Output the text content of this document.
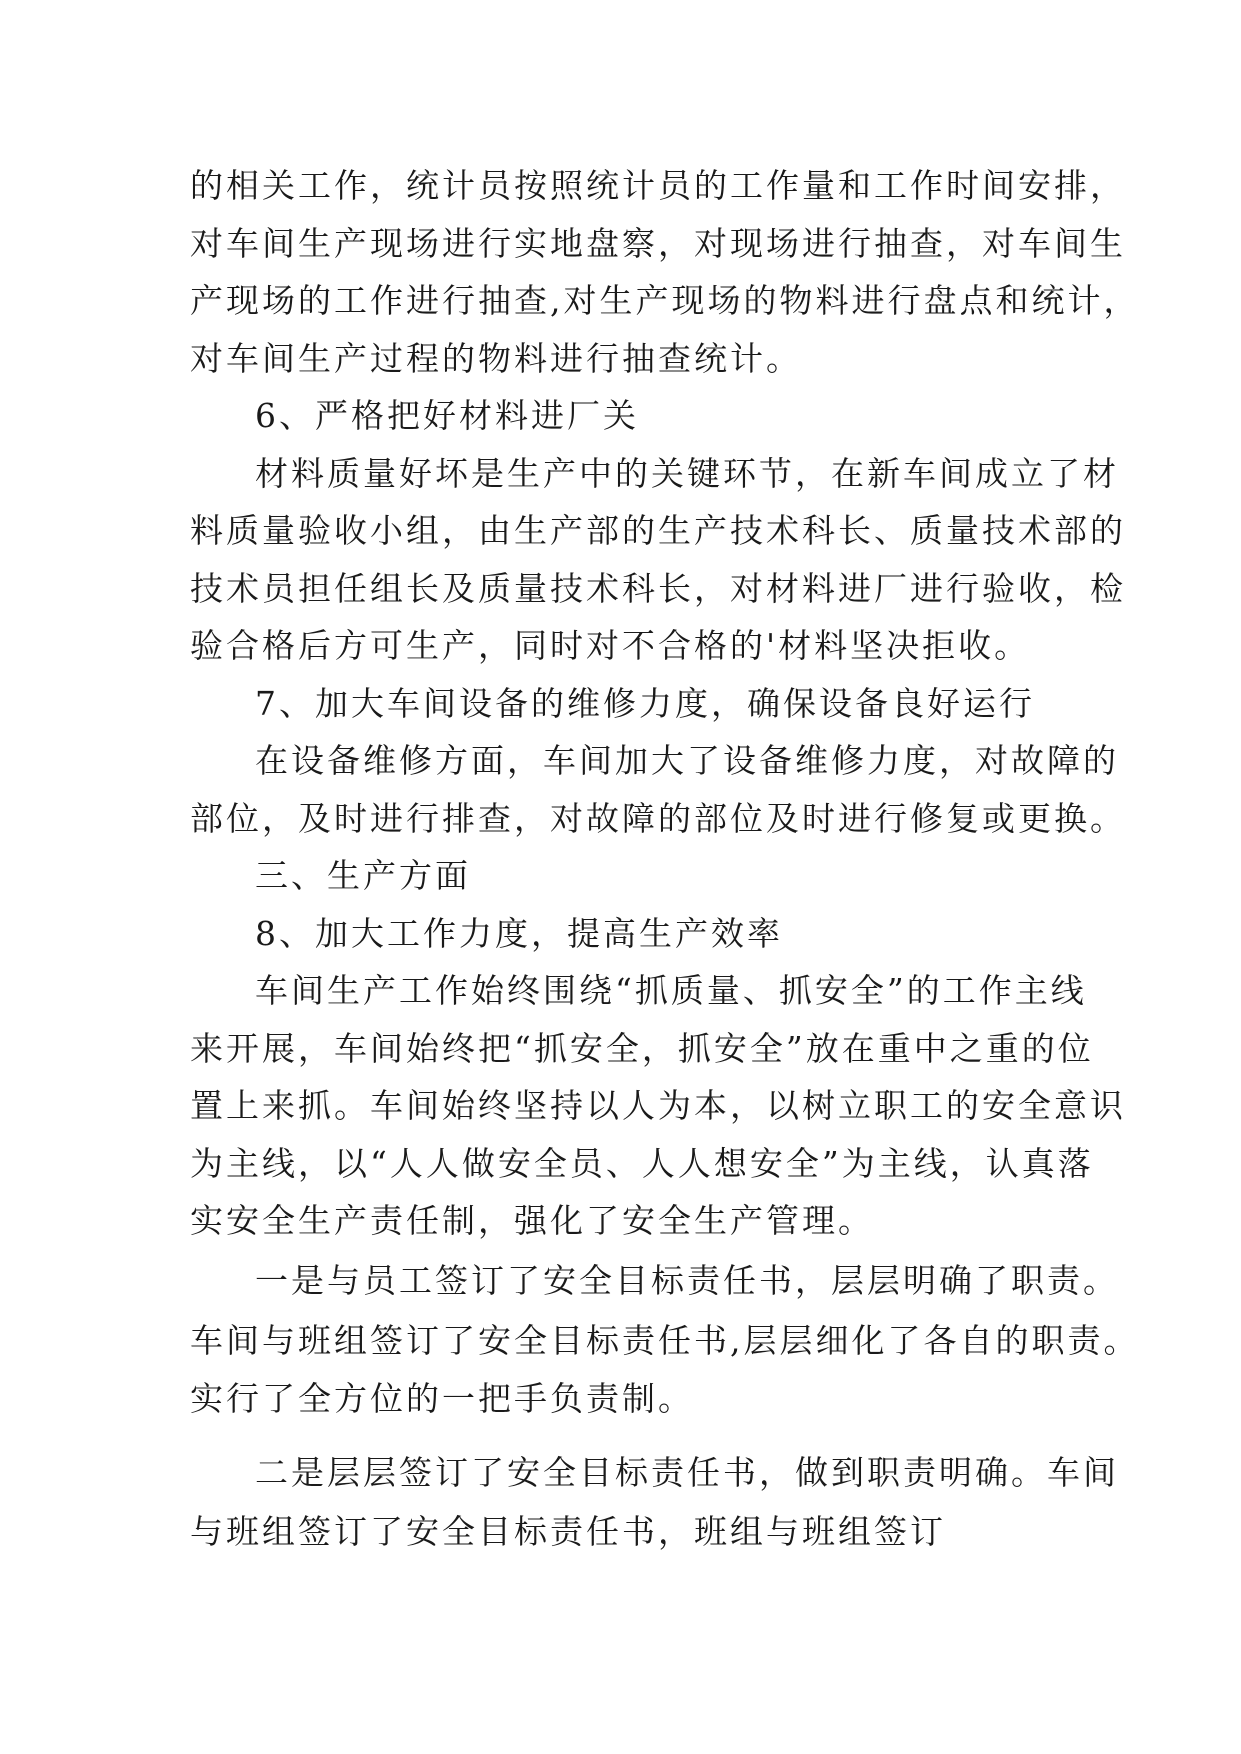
的相关工作，统计员按照统计员的工作量和工作时间安排，
对车间生产现场进行实地盘察，对现场进行抽查，对车间生
产现场的工作进行抽查,对生产现场的物料进行盘点和统计，
对车间生产过程的物料进行抽查统计。
6、严格把好材料进厂关
材料质量好坏是生产中的关键环节，在新车间成立了材
料质量验收小组，由生产部的生产技术科长、质量技术部的
技术员担任组长及质量技术科长，对材料进厂进行验收，检
验合格后方可生产，同时对不合格的'材料坚决拒收。
7、加大车间设备的维修力度，确保设备良好运行
在设备维修方面，车间加大了设备维修力度，对故障的
部位，及时进行排查，对故障的部位及时进行修复或更换。
三、生产方面
8、加大工作力度，提高生产效率
车间生产工作始终围绕“抓质量、抓安全”的工作主线
来开展，车间始终把“抓安全，抓安全”放在重中之重的位
置上来抓。车间始终坚持以人为本，以树立职工的安全意识
为主线，以“人人做安全员、人人想安全”为主线，认真落
实安全生产责任制，强化了安全生产管理。
一是与员工签订了安全目标责任书，层层明确了职责。
车间与班组签订了安全目标责任书,层层细化了各自的职责。
实行了全方位的一把手负责制。
二是层层签订了安全目标责任书，做到职责明确。车间
与班组签订了安全目标责任书，班组与班组签订
